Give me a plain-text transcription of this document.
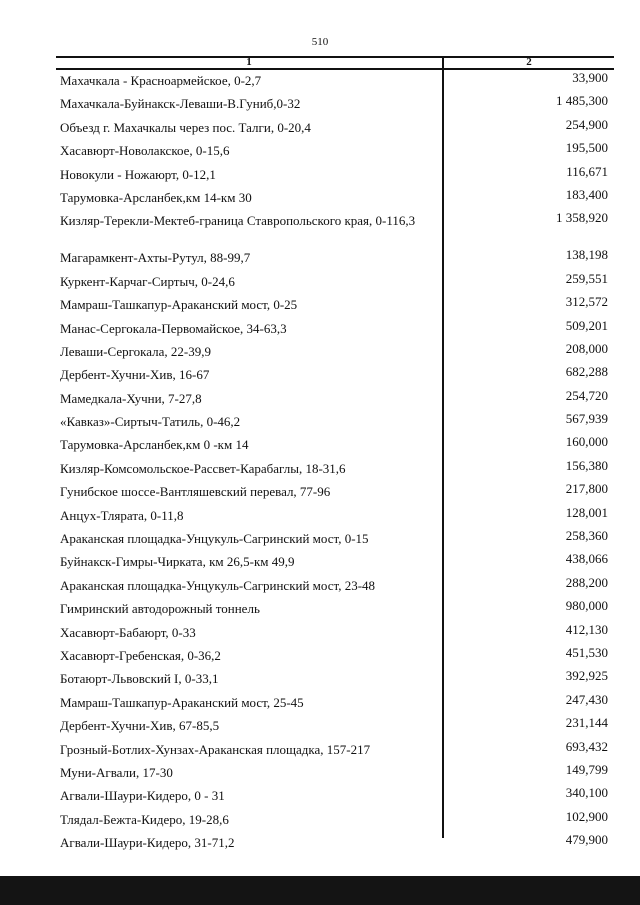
510
1	2
Махачкала - Красноармейское, 0-2,7	33,900
Махачкала-Буйнакск-Леваши-В.Гуниб,0-32	1 485,300
Объезд г. Махачкалы через пос. Талги, 0-20,4	254,900
Хасавюрт-Новолакское, 0-15,6	195,500
Новокули - Ножаюрт, 0-12,1	116,671
Тарумовка-Арсланбек,км 14-км 30	183,400
Кизляр-Терекли-Мектеб-граница Ставропольского края, 0-116,3	1 358,920
Магарамкент-Ахты-Рутул, 88-99,7	138,198
Куркент-Карчаг-Сиртыч, 0-24,6	259,551
Мамраш-Ташкапур-Араканский мост, 0-25	312,572
Манас-Сергокала-Первомайское, 34-63,3	509,201
Леваши-Сергокала, 22-39,9	208,000
Дербент-Хучни-Хив, 16-67	682,288
Мамедкала-Хучни, 7-27,8	254,720
«Кавказ»-Сиртыч-Татиль, 0-46,2	567,939
Тарумовка-Арсланбек,км 0 -км 14	160,000
Кизляр-Комсомольское-Рассвет-Карабаглы, 18-31,6	156,380
Гунибское шоссе-Вантляшевский перевал, 77-96	217,800
Анцух-Тлярата, 0-11,8	128,001
Араканская площадка-Унцукуль-Сагринский мост, 0-15	258,360
Буйнакск-Гимры-Чирката, км 26,5-км 49,9	438,066
Араканская площадка-Унцукуль-Сагринский мост, 23-48	288,200
Гимринский автодорожный тоннель	980,000
Хасавюрт-Бабаюрт, 0-33	412,130
Хасавюрт-Гребенская, 0-36,2	451,530
Ботаюрт-Львовский I, 0-33,1	392,925
Мамраш-Ташкапур-Араканский мост, 25-45	247,430
Дербент-Хучни-Хив, 67-85,5	231,144
Грозный-Ботлих-Хунзах-Араканская площадка, 157-217	693,432
Муни-Агвали, 17-30	149,799
Агвали-Шаури-Кидеро, 0 - 31	340,100
Тлядал-Бежта-Кидеро, 19-28,6	102,900
Агвали-Шаури-Кидеро, 31-71,2	479,900
